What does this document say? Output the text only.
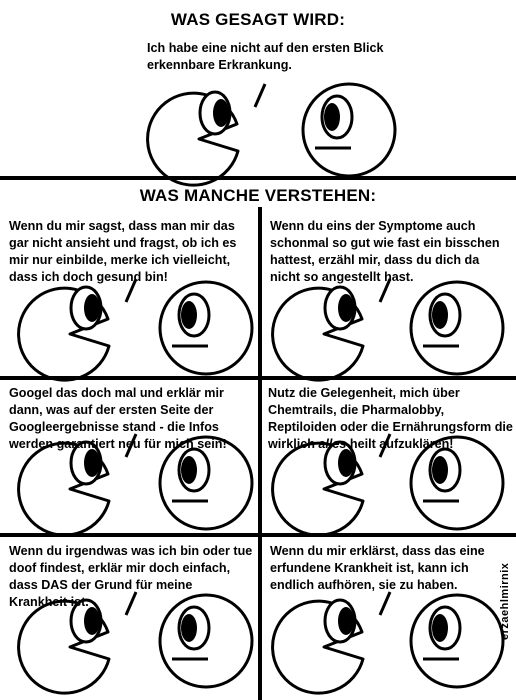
WAS GESAGT WIRD:
Ich habe eine nicht auf den ersten Blick erkennbare Erkrankung.
WAS MANCHE VERSTEHEN:
Wenn du mir sagst, dass man mir das gar nicht ansieht und fragst, ob ich es mir nur einbilde, merke ich vielleicht, dass ich doch gesund bin!
Wenn du eins der Symptome auch schonmal so gut wie fast ein bisschen hattest, erzähl mir, dass du dich da nicht so angestellt hast.
Googel das doch mal und erklär mir dann, was auf der ersten Seite der Googleergebnisse stand - die Infos werden garantiert neu für mich sein!
Nutz die Gelegenheit, mich über Chemtrails, die Pharmalobby, Reptiloiden oder die Ernährungsform die wirklich alles heilt aufzuklären!
Wenn du irgendwas was ich bin oder tue doof findest, erklär mir doch einfach, dass DAS der Grund für meine Krankheit ist.
Wenn du mir erklärst, dass das eine erfundene Krankheit ist, kann ich endlich aufhören, sie zu haben.	erzaehlmirnix
